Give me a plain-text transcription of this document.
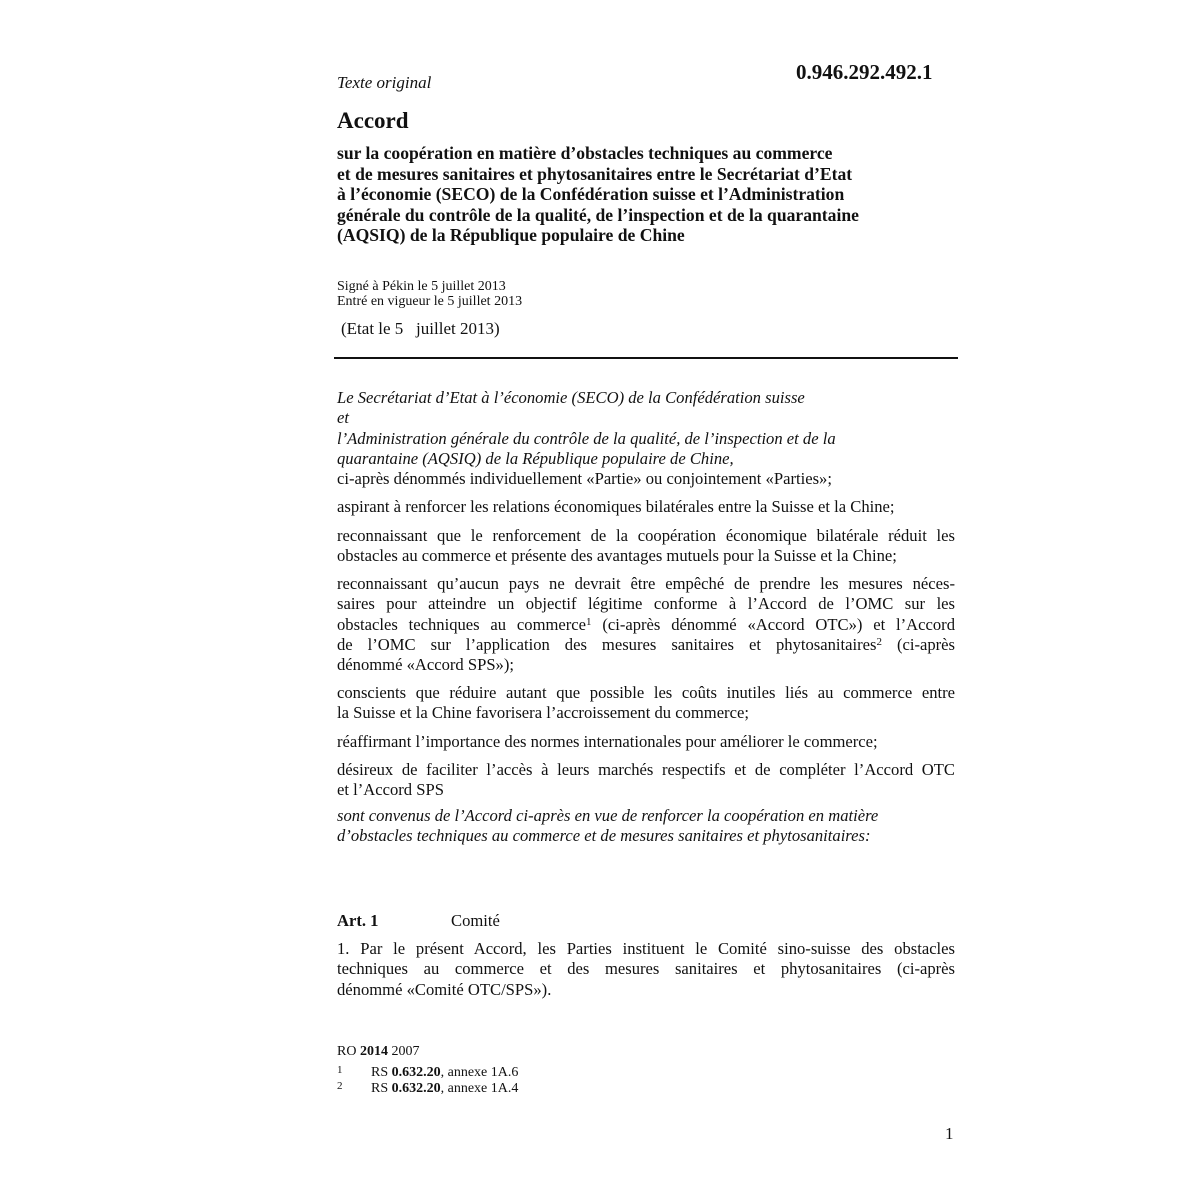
0.946.292.492.1
Texte original
Accord
sur la coopération en matière d’obstacles techniques au commerce
et de mesures sanitaires et phytosanitaires entre le Secrétariat d’Etat
à l’économie (SECO) de la Confédération suisse et l’Administration
générale du contrôle de la qualité, de l’inspection et de la quarantaine
(AQSIQ) de la République populaire de Chine
Signé à Pékin le 5 juillet 2013
Entré en vigueur le 5 juillet 2013
(Etat le 5   juillet 2013)
Le Secrétariat d’Etat à l’économie (SECO) de la Confédération suisse
et
l’Administration générale du contrôle de la qualité, de l’inspection et de la
quarantaine (AQSIQ) de la République populaire de Chine,
ci-après dénommés individuellement «Partie» ou conjointement «Parties»;
aspirant à renforcer les relations économiques bilatérales entre la Suisse et la Chine;
reconnaissant que le renforcement de la coopération économique bilatérale réduit les
obstacles au commerce et présente des avantages mutuels pour la Suisse et la Chine;
reconnaissant qu’aucun pays ne devrait être empêché de prendre les mesures néces-
saires pour atteindre un objectif légitime conforme à l’Accord de l’OMC sur les
obstacles techniques au commerce$^1$ (ci-après dénommé «Accord OTC») et l’Accord
de l’OMC sur l’application des mesures sanitaires et phytosanitaires$^2$ (ci-après
dénommé «Accord SPS»);
conscients que réduire autant que possible les coûts inutiles liés au commerce entre
la Suisse et la Chine favorisera l’accroissement du commerce;
réaffirmant l’importance des normes internationales pour améliorer le commerce;
désireux de faciliter l’accès à leurs marchés respectifs et de compléter l’Accord OTC
et l’Accord SPS
sont convenus de l’Accord ci-après en vue de renforcer la coopération en matière
d’obstacles techniques au commerce et de mesures sanitaires et phytosanitaires:
Art. 1	Comité
1. Par le présent Accord, les Parties instituent le Comité sino-suisse des obstacles
techniques au commerce et des mesures sanitaires et phytosanitaires (ci-après
dénommé «Comité OTC/SPS»).
RO 2014 2007
1 RS 0.632.20, annexe 1A.6
2 RS 0.632.20, annexe 1A.4
1
